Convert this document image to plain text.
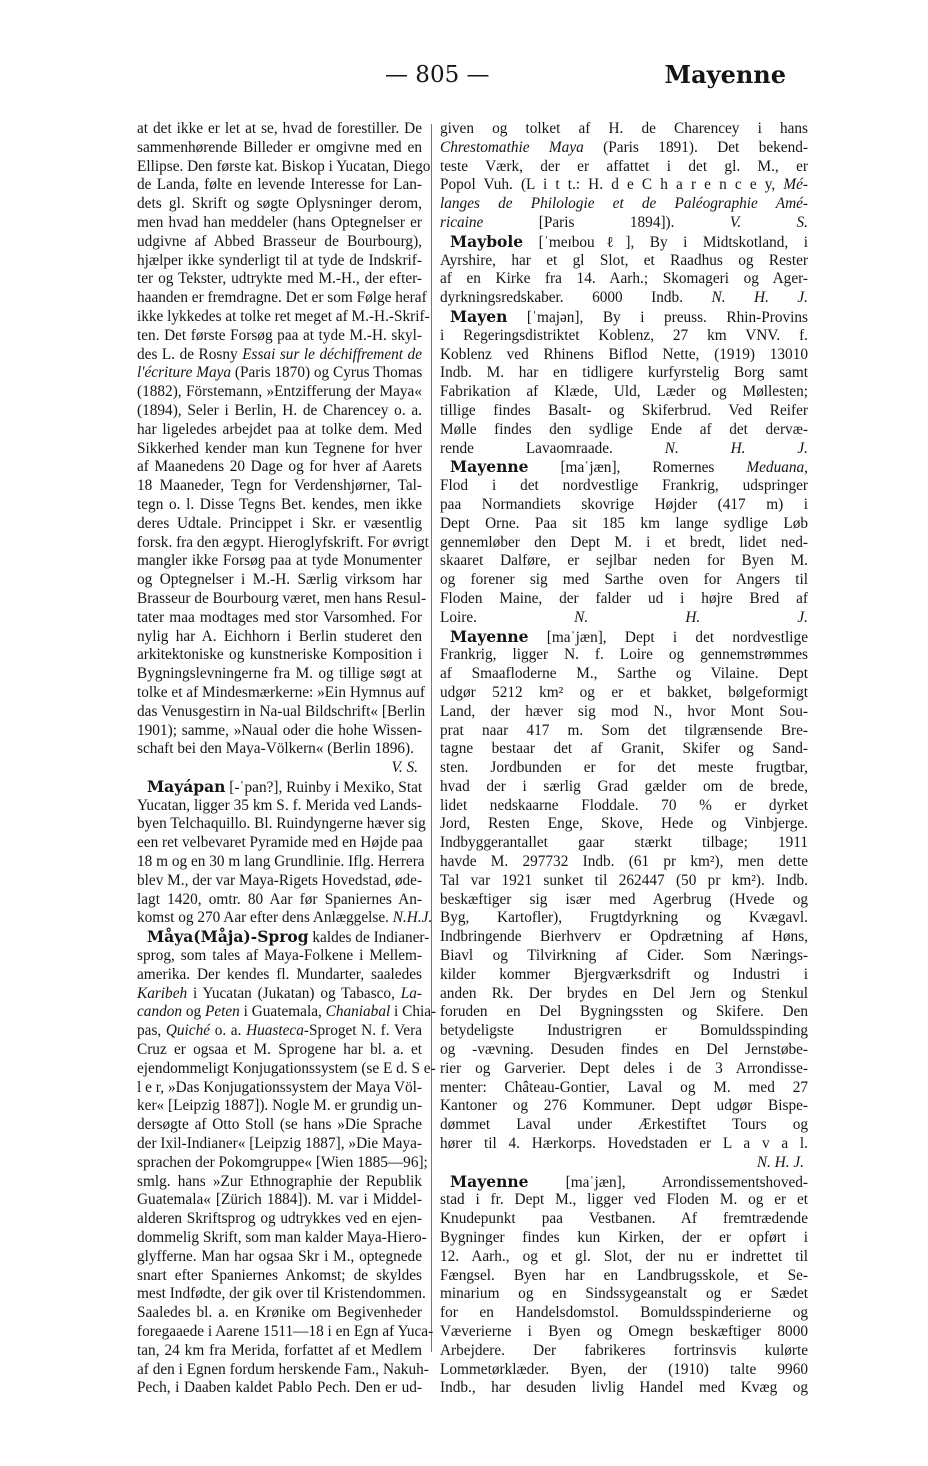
— 805 —	Mayenne
at det ikke er let at se, hvad de forestiller. De
sammenhørende Billeder er omgivne med en
Ellipse. Den første kat. Biskop i Yucatan, Diego
de Landa, følte en levende Interesse for Lan-
dets gl. Skrift og søgte Oplysninger derom,
men hvad han meddeler (hans Optegnelser er
udgivne af Abbed Brasseur de Bourbourg),
hjælper ikke synderligt til at tyde de Indskrif-
ter og Tekster, udtrykte med M.-H., der efter-
haanden er fremdragne. Det er som Følge heraf
ikke lykkedes at tolke ret meget af M.-H.-Skrif-
ten. Det første Forsøg paa at tyde M.-H. skyl-
des L. de Rosny Essai sur le déchiffrement de
l'écriture Maya (Paris 1870) og Cyrus Thomas
(1882), Förstemann, »Entzifferung der Maya«
(1894), Seler i Berlin, H. de Charencey o. a.
har ligeledes arbejdet paa at tolke dem. Med
Sikkerhed kender man kun Tegnene for hver
af Maanedens 20 Dage og for hver af Aarets
18 Maaneder, Tegn for Verdenshjørner, Tal-
tegn o. l. Disse Tegns Bet. kendes, men ikke
deres Udtale. Princippet i Skr. er væsentlig
forsk. fra den ægypt. Hieroglyfskrift. For øvrigt
mangler ikke Forsøg paa at tyde Monumenter
og Optegnelser i M.-H. Særlig virksom har
Brasseur de Bourbourg været, men hans Resul-
tater maa modtages med stor Varsomhed. For
nylig har A. Eichhorn i Berlin studeret den
arkitektoniske og kunstneriske Komposition i
Bygningslevningerne fra M. og tillige søgt at
tolke et af Mindesmærkerne: »Ein Hymnus auf
das Venusgestirn in Na-ual Bildschrift« [Berlin
1901); samme, »Naual oder die hohe Wissen-
schaft bei den Maya-Völkern« (Berlin 1896).
V. S.
Mayápan [-ˈpan?], Ruinby i Mexiko, Stat
Yucatan, ligger 35 km S. f. Merida ved Lands-
byen Telchaquillo. Bl. Ruindyngerne hæver sig
een ret velbevaret Pyramide med en Højde paa
18 m og en 30 m lang Grundlinie. Iflg. Herrera
blev M., der var Maya-Rigets Hovedstad, øde-
lagt 1420, omtr. 80 Aar før Spaniernes An-
komst og 270 Aar efter dens Anlæggelse. N.H.J.
Måya(Måja)-Sprog kaldes de Indianer-
sprog, som tales af Maya-Folkene i Mellem-
amerika. Der kendes fl. Mundarter, saaledes
Karibeh i Yucatan (Jukatan) og Tabasco, La-
candon og Peten i Guatemala, Chaniabal i Chia-
pas, Quiché o. a. Huasteca-Sproget N. f. Vera
Cruz er ogsaa et M. Sprogene har bl. a. et
ejendommeligt Konjugationssystem (se E d. S e-
l e r, »Das Konjugationssystem der Maya Völ-
ker« [Leipzig 1887]). Nogle M. er grundig un-
dersøgte af Otto Stoll (se hans »Die Sprache
der Ixil-Indianer« [Leipzig 1887], »Die Maya-
sprachen der Pokomgruppe« [Wien 1885—96];
smlg. hans »Zur Ethnographie der Republik
Guatemala« [Zürich 1884]). M. var i Middel-
alderen Skriftsprog og udtrykkes ved en ejen-
dommelig Skrift, som man kalder Maya-Hiero-
glyfferne. Man har ogsaa Skr i M., optegnede
snart efter Spaniernes Ankomst; de skyldes
mest Indfødte, der gik over til Kristendommen.
Saaledes bl. a. en Krønike om Begivenheder
foregaaede i Aarene 1511—18 i en Egn af Yuca-
tan, 24 km fra Merida, forfattet af et Medlem
af den i Egnen fordum herskende Fam., Nakuh-
Pech, i Daaben kaldet Pablo Pech. Den er ud-
given og tolket af H. de Charencey i hans
Chrestomathie Maya (Paris 1891). Det bekend-
teste Værk, der er affattet i det gl. M., er
Popol Vuh. (L i t t.: H. d e C h a r e n c e y, Mé-
langes de Philologie et de Paléographie Amé-
ricaine [Paris 1894]).	V. S.
Maybole [ˈmeɪbouℓ], By i Midtskotland, i
Ayrshire, har et gl Slot, et Raadhus og Rester
af en Kirke fra 14. Aarh.; Skomageri og Ager-
dyrkningsredskaber. 6000 Indb. N. H. J.
Mayen [ˈmajən], By i preuss. Rhin-Provins
i Regeringsdistriktet Koblenz, 27 km VNV. f.
Koblenz ved Rhinens Biflod Nette, (1919) 13010
Indb. M. har en tidligere kurfyrstelig Borg samt
Fabrikation af Klæde, Uld, Læder og Møllesten;
tillige findes Basalt- og Skiferbrud. Ved Reifer
Mølle findes den sydlige Ende af det dervæ-
rende Lavaomraade.	N. H. J.
Mayenne [maˈjæn], Romernes Meduana,
Flod i det nordvestlige Frankrig, udspringer
paa Normandiets skovrige Højder (417 m) i
Dept Orne. Paa sit 185 km lange sydlige Løb
gennemløber den Dept M. i et bredt, lidet ned-
skaaret Dalføre, er sejlbar neden for Byen M.
og forener sig med Sarthe oven for Angers til
Floden Maine, der falder ud i højre Bred af
Loire.	N. H. J.
Mayenne [maˈjæn], Dept i det nordvestlige
Frankrig, ligger N. f. Loire og gennemstrømmes
af Smaafloderne M., Sarthe og Vilaine. Dept
udgør 5212 km² og er et bakket, bølgeformigt
Land, der hæver sig mod N., hvor Mont Sou-
prat naar 417 m. Som det tilgrænsende Bre-
tagne bestaar det af Granit, Skifer og Sand-
sten. Jordbunden er for det meste frugtbar,
hvad der i særlig Grad gælder om de brede,
lidet nedskaarne Floddale. 70 % er dyrket
Jord, Resten Enge, Skove, Hede og Vinbjerge.
Indbyggerantallet gaar stærkt tilbage; 1911
havde M. 297732 Indb. (61 pr km²), men dette
Tal var 1921 sunket til 262447 (50 pr km²). Indb.
beskæftiger sig især med Agerbrug (Hvede og
Byg, Kartofler), Frugtdyrkning og Kvægavl.
Indbringende Bierhverv er Opdrætning af Høns,
Biavl og Tilvirkning af Cider. Som Nærings-
kilder kommer Bjergværksdrift og Industri i
anden Rk. Der brydes en Del Jern og Stenkul
foruden en Del Bygningssten og Skifere. Den
betydeligste Industrigren er Bomuldsspinding
og -vævning. Desuden findes en Del Jernstøbe-
rier og Garverier. Dept deles i de 3 Arrondisse-
menter: Château-Gontier, Laval og M. med 27
Kantoner og 276 Kommuner. Dept udgør Bispe-
dømmet Laval under Ærkestiftet Tours og
hører til 4. Hærkorps. Hovedstaden er L a v a l.
N. H. J.
Mayenne [maˈjæn], Arrondissementshoved-
stad i fr. Dept M., ligger ved Floden M. og er et
Knudepunkt paa Vestbanen. Af fremtrædende
Bygninger findes kun Kirken, der er opført i
12. Aarh., og et gl. Slot, der nu er indrettet til
Fængsel. Byen har en Landbrugsskole, et Se-
minarium og en Sindssygeanstalt og er Sædet
for en Handelsdomstol. Bomuldsspinderierne og
Væverierne i Byen og Omegn beskæftiger 8000
Arbejdere. Der fabrikeres fortrinsvis kulørte
Lommetørklæder. Byen, der (1910) talte 9960
Indb., har desuden livlig Handel med Kvæg og
